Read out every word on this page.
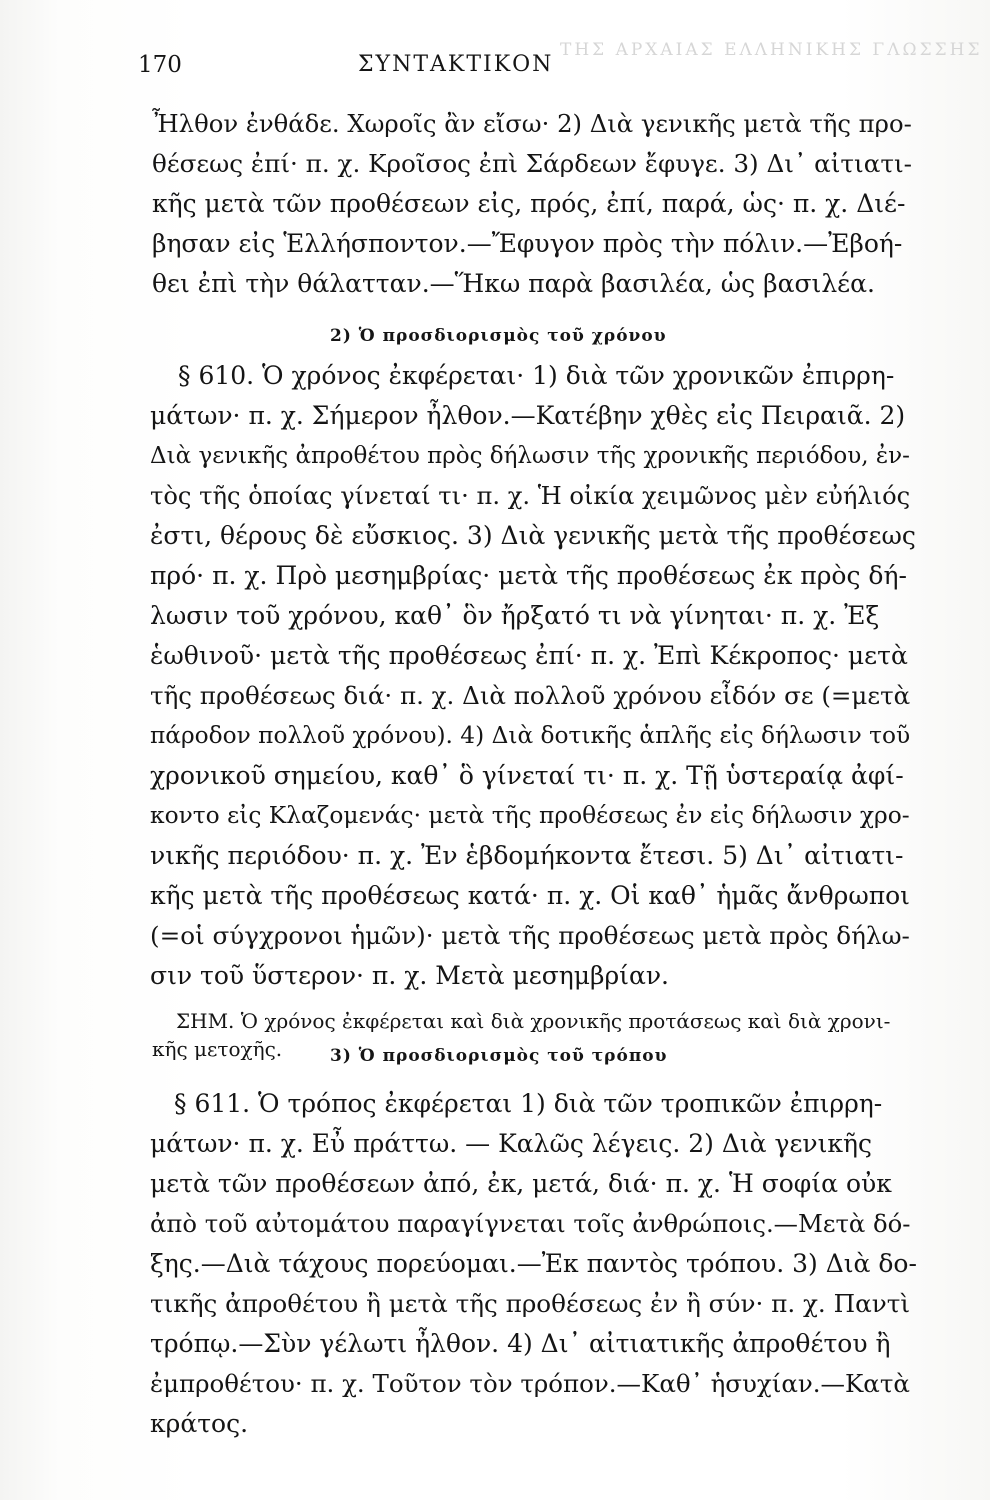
ΤΗΣ ΑΡΧΑΙΑΣ ΕΛΛΗΝΙΚΗΣ ΓΛΩΣΣΗΣ
170	ΣΥΝΤΑΚΤΙΚΟΝ
Ἦλθον ἐνθάδε. Χωροῖς ἂν εἴσω· 2) Διὰ γενικῆς μετὰ τῆς προ-
θέσεως ἐπί· π. χ. Κροῖσος ἐπὶ Σάρδεων ἔφυγε. 3) Δι᾽ αἰτιατι-
κῆς μετὰ τῶν προθέσεων εἰς, πρός, ἐπί, παρά, ὡς· π. χ. Διέ-
βησαν εἰς Ἑλλήσποντον.—Ἔφυγον πρὸς τὴν πόλιν.—Ἐβοή-
θει ἐπὶ τὴν θάλατταν.—Ἥκω παρὰ βασιλέα, ὡς βασιλέα.
2) Ὁ προσδιορισμὸς τοῦ χρόνου
§ 610. Ὁ χρόνος ἐκφέρεται· 1) διὰ τῶν χρονικῶν ἐπιρρη-
μάτων· π. χ. Σήμερον ἦλθον.—Κατέβην χθὲς εἰς Πειραιᾶ. 2)
Διὰ γενικῆς ἀπροθέτου πρὸς δήλωσιν τῆς χρονικῆς περιόδου, ἐν-
τὸς τῆς ὁποίας γίνεταί τι· π. χ. Ἡ οἰκία χειμῶνος μὲν εὐήλιός
ἐστι, θέρους δὲ εὔσκιος. 3) Διὰ γενικῆς μετὰ τῆς προθέσεως
πρό· π. χ. Πρὸ μεσημβρίας· μετὰ τῆς προθέσεως ἐκ πρὸς δή-
λωσιν τοῦ χρόνου, καθ᾽ ὃν ἤρξατό τι νὰ γίνηται· π. χ. Ἐξ
ἑωθινοῦ· μετὰ τῆς προθέσεως ἐπί· π. χ. Ἐπὶ Κέκροπος· μετὰ
τῆς προθέσεως διά· π. χ. Διὰ πολλοῦ χρόνου εἶδόν σε (=μετὰ
πάροδον πολλοῦ χρόνου). 4) Διὰ δοτικῆς ἁπλῆς εἰς δήλωσιν τοῦ
χρονικοῦ σημείου, καθ᾽ ὃ γίνεταί τι· π. χ. Τῇ ὑστεραίᾳ ἀφί-
κοντο εἰς Κλαζομενάς· μετὰ τῆς προθέσεως ἐν εἰς δήλωσιν χρο-
νικῆς περιόδου· π. χ. Ἐν ἑβδομήκοντα ἔτεσι. 5) Δι᾽ αἰτιατι-
κῆς μετὰ τῆς προθέσεως κατά· π. χ. Οἱ καθ᾽ ἡμᾶς ἄνθρωποι
(=οἱ σύγχρονοι ἡμῶν)· μετὰ τῆς προθέσεως μετὰ πρὸς δήλω-
σιν τοῦ ὕστερον· π. χ. Μετὰ μεσημβρίαν.
ΣΗΜ. Ὁ χρόνος ἐκφέρεται καὶ διὰ χρονικῆς προτάσεως καὶ διὰ χρονι-
κῆς μετοχῆς.	3) Ὁ προσδιορισμὸς τοῦ τρόπου
§ 611. Ὁ τρόπος ἐκφέρεται 1) διὰ τῶν τροπικῶν ἐπιρρη-
μάτων· π. χ. Εὖ πράττω. — Καλῶς λέγεις. 2) Διὰ γενικῆς
μετὰ τῶν προθέσεων ἀπό, ἐκ, μετά, διά· π. χ. Ἡ σοφία οὐκ
ἀπὸ τοῦ αὐτομάτου παραγίγνεται τοῖς ἀνθρώποις.—Μετὰ δό-
ξης.—Διὰ τάχους πορεύομαι.—Ἐκ παντὸς τρόπου. 3) Διὰ δο-
τικῆς ἀπροθέτου ἢ μετὰ τῆς προθέσεως ἐν ἢ σύν· π. χ. Παντὶ
τρόπῳ.—Σὺν γέλωτι ἦλθον. 4) Δι᾽ αἰτιατικῆς ἀπροθέτου ἢ
ἐμπροθέτου· π. χ. Τοῦτον τὸν τρόπον.—Καθ᾽ ἡσυχίαν.—Κατὰ
κράτος.
